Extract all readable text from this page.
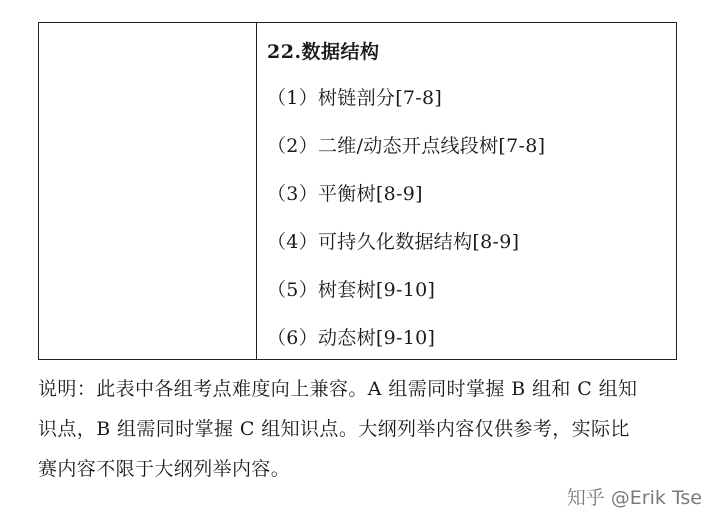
22.数据结构
（1）树链剖分[7-8]
（2）二维/动态开点线段树[7-8]
（3）平衡树[8-9]
（4）可持久化数据结构[8-9]
（5）树套树[9-10]
（6）动态树[9-10]
说明：此表中各组考点难度向上兼容。A 组需同时掌握 B 组和 C 组知
识点，B 组需同时掌握 C 组知识点。大纲列举内容仅供参考，实际比
赛内容不限于大纲列举内容。
知乎 @Erik Tse
